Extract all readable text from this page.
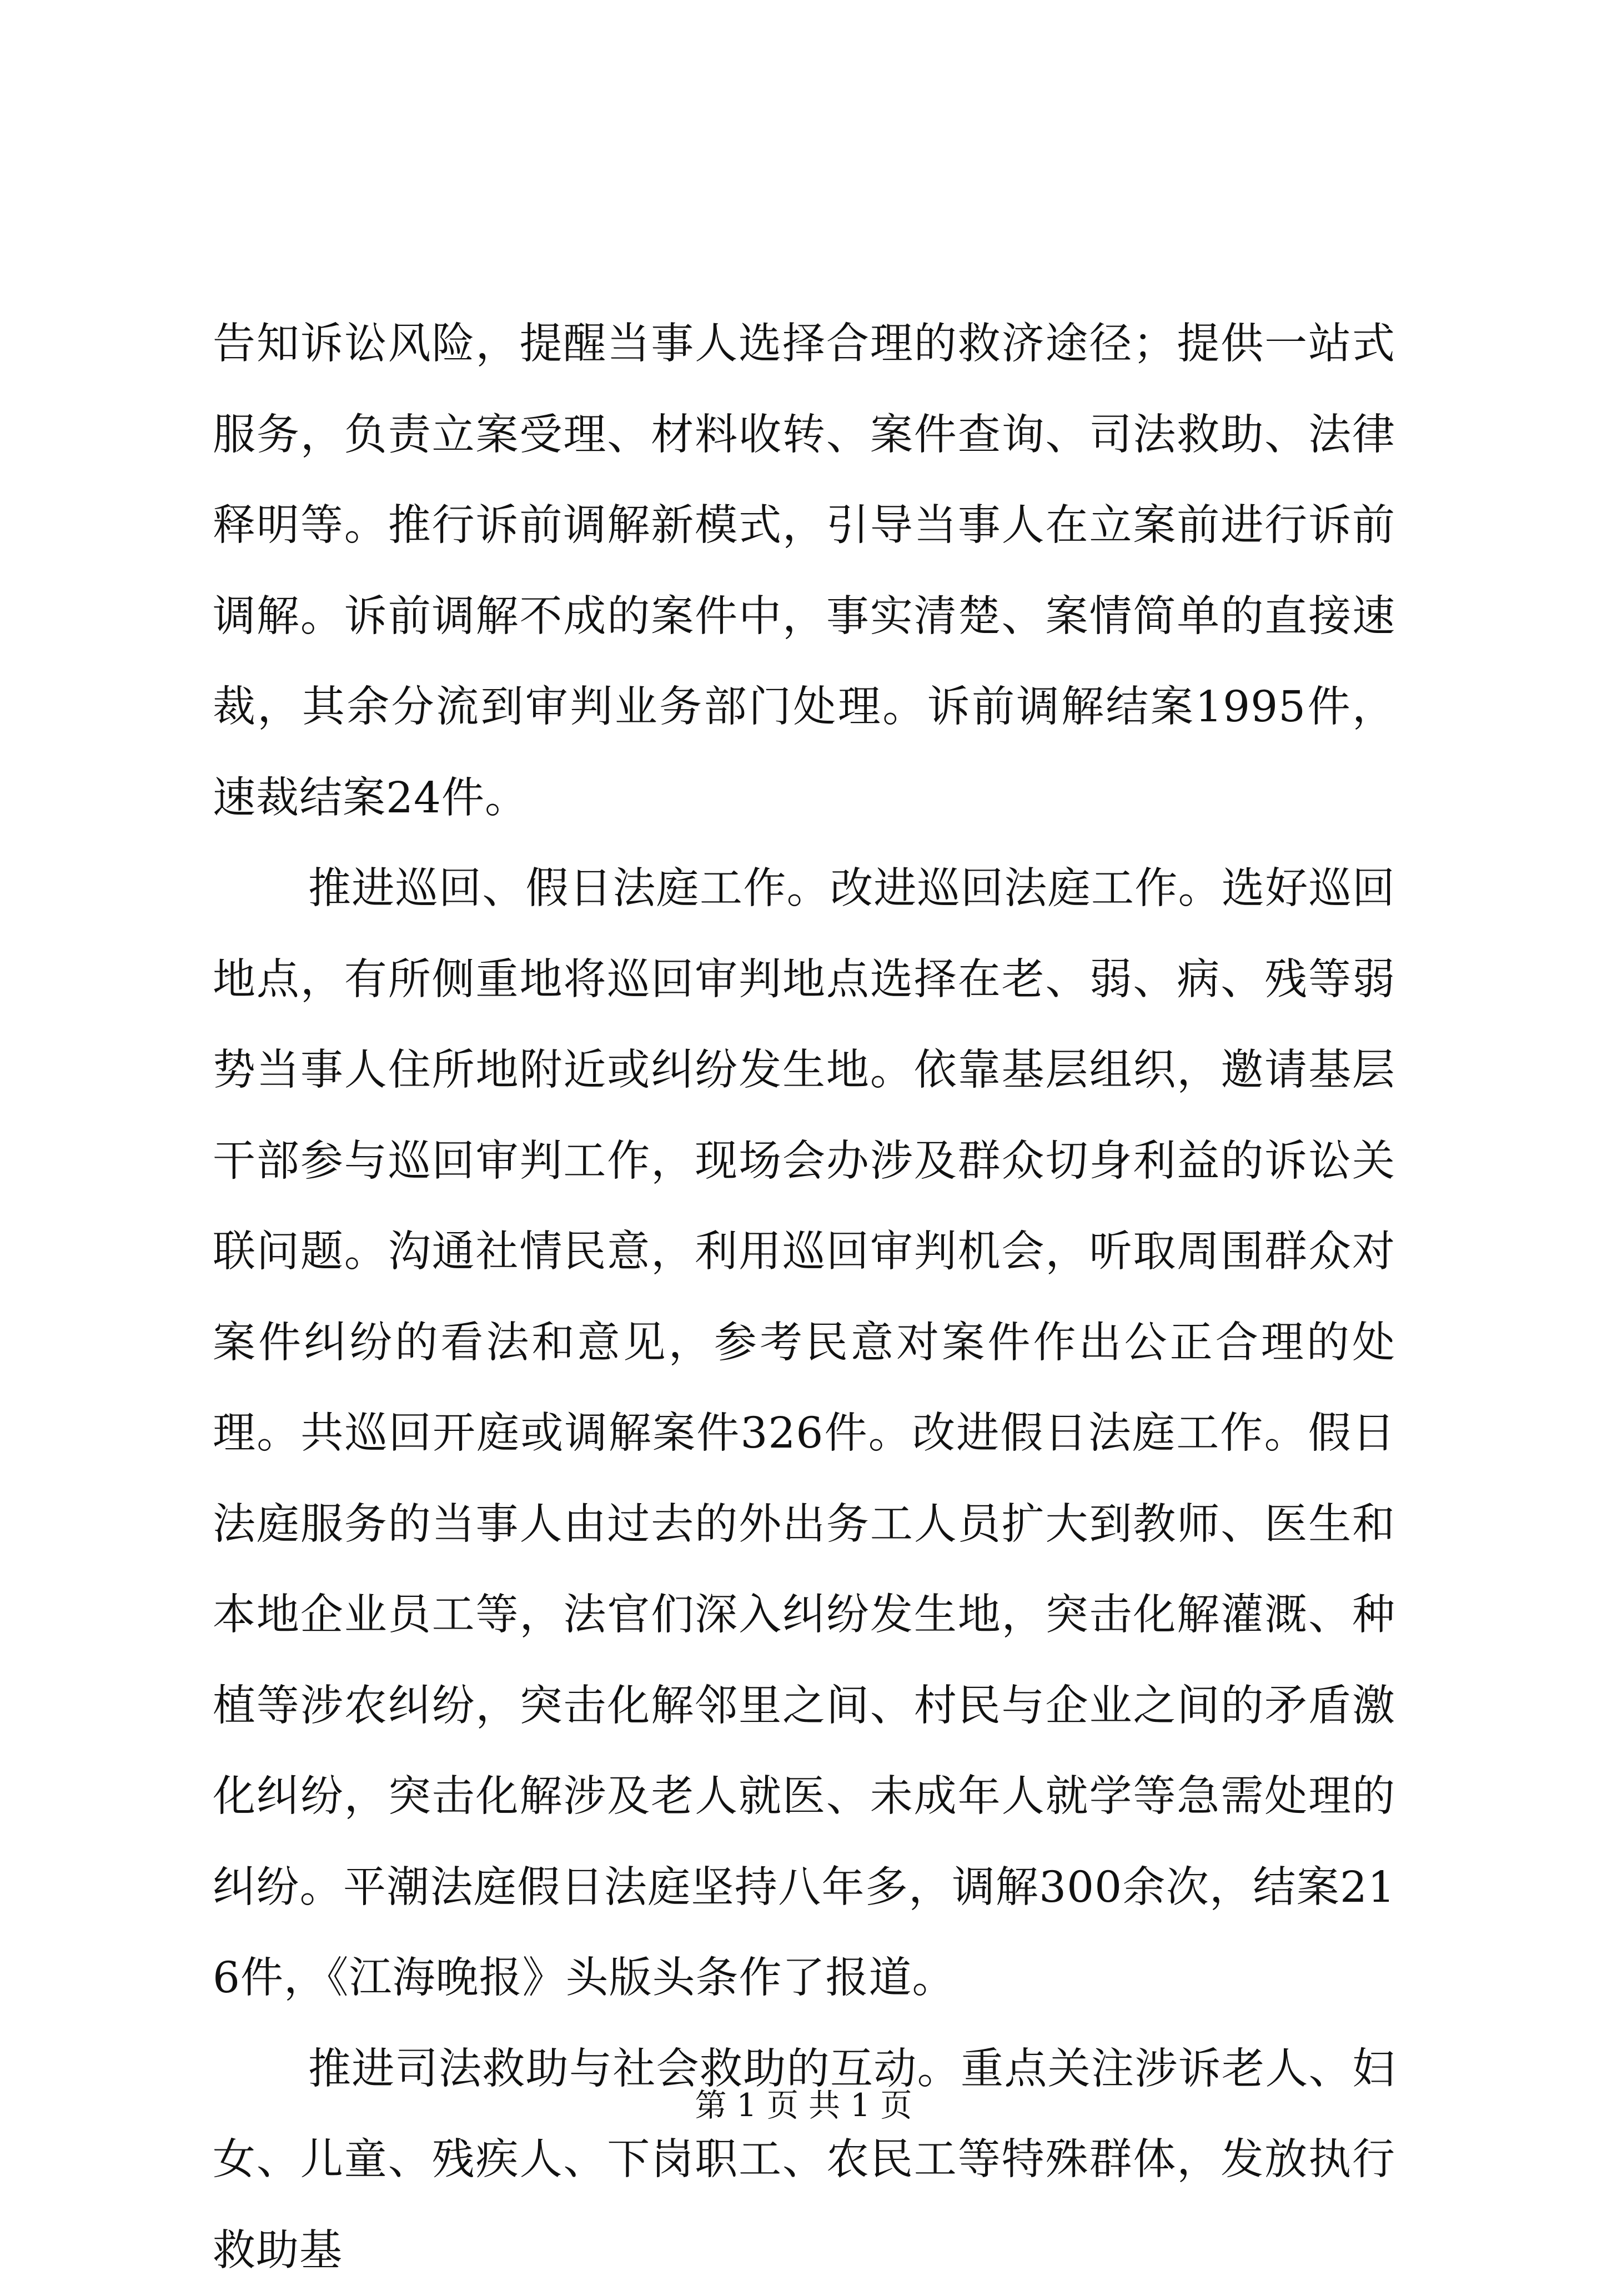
告知诉讼风险，提醒当事人选择合理的救济途径；提供一站式服务，负责立案受理、材料收转、案件查询、司法救助、法律释明等。推行诉前调解新模式，引导当事人在立案前进行诉前调解。诉前调解不成的案件中，事实清楚、案情简单的直接速裁，其余分流到审判业务部门处理。诉前调解结案1995件，速裁结案24件。

推进巡回、假日法庭工作。改进巡回法庭工作。选好巡回地点，有所侧重地将巡回审判地点选择在老、弱、病、残等弱势当事人住所地附近或纠纷发生地。依靠基层组织，邀请基层干部参与巡回审判工作，现场会办涉及群众切身利益的诉讼关联问题。沟通社情民意，利用巡回审判机会，听取周围群众对案件纠纷的看法和意见，参考民意对案件作出公正合理的处理。共巡回开庭或调解案件326件。改进假日法庭工作。假日法庭服务的当事人由过去的外出务工人员扩大到教师、医生和本地企业员工等，法官们深入纠纷发生地，突击化解灌溉、种植等涉农纠纷，突击化解邻里之间、村民与企业之间的矛盾激化纠纷，突击化解涉及老人就医、未成年人就学等急需处理的纠纷。平潮法庭假日法庭坚持八年多，调解300余次，结案216件，《江海晚报》头版头条作了报道。

推进司法救助与社会救助的互动。重点关注涉诉老人、妇女、儿童、残疾人、下岗职工、农民工等特殊群体，发放执行救助基

第 1 页 共 1 页
